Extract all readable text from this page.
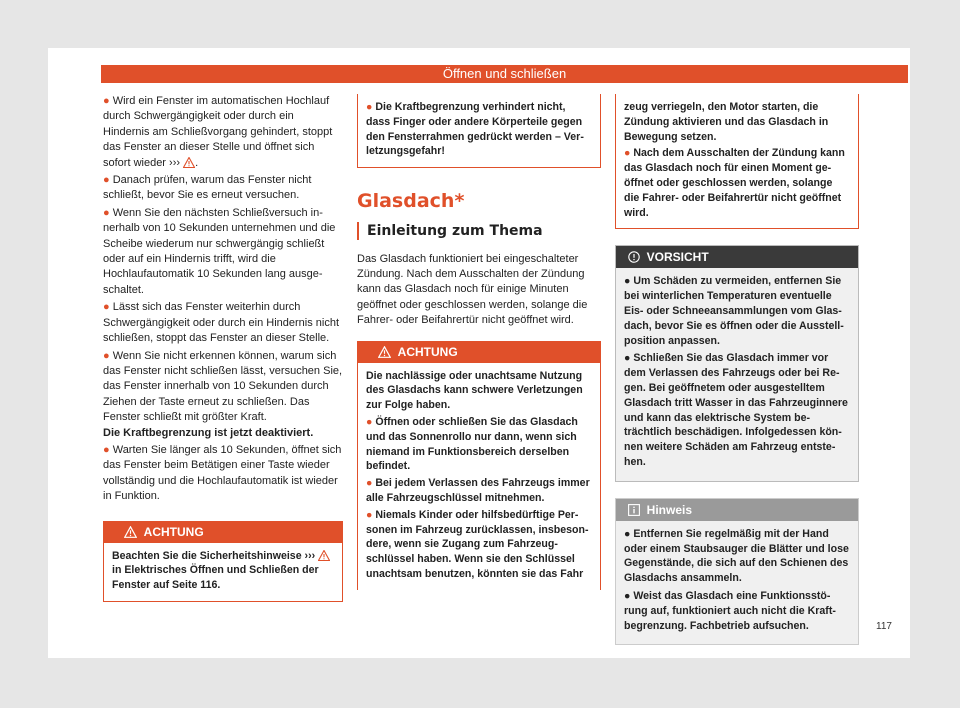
Öffnen und schließen

● Wird ein Fenster im automatischen Hochlauf durch Schwergängigkeit oder durch ein Hindernis am Schließvorgang gehindert, stoppt das Fenster an dieser Stelle und öffnet sich sofort wieder ››› .

● Danach prüfen, warum das Fenster nicht schließt, bevor Sie es erneut versuchen.

● Wenn Sie den nächsten Schließversuch innerhalb von 10 Sekunden unternehmen und die Scheibe wiederum nur schwergängig schließt oder auf ein Hindernis trifft, wird die Hochlaufautomatik 10 Sekunden lang ausgeschaltet.

● Lässt sich das Fenster weiterhin durch Schwergängigkeit oder durch ein Hindernis nicht schließen, stoppt das Fenster an dieser Stelle.

● Wenn Sie nicht erkennen können, warum sich das Fenster nicht schließen lässt, versuchen Sie, das Fenster innerhalb von 10 Sekunden durch Ziehen der Taste erneut zu schließen. Das Fenster schließt mit größter Kraft.
Die Kraftbegrenzung ist jetzt deaktiviert.

● Warten Sie länger als 10 Sekunden, öffnet sich das Fenster beim Betätigen einer Taste wieder vollständig und die Hochlaufautomatik ist wieder in Funktion.

ACHTUNG

Beachten Sie die Sicherheitshinweise ›››  in Elektrisches Öffnen und Schließen der Fenster auf Seite 116.

● Die Kraftbegrenzung verhindert nicht, dass Finger oder andere Körperteile gegen den Fensterrahmen gedrückt werden – Verletzungsgefahr!

Glasdach*
Einleitung zum Thema

Das Glasdach funktioniert bei eingeschalteter Zündung. Nach dem Ausschalten der Zündung kann das Glasdach noch für einige Minuten geöffnet oder geschlossen werden, solange die Fahrer- oder Beifahrertür nicht geöffnet wird.

ACHTUNG

Die nachlässige oder unachtsame Nutzung des Glasdachs kann schwere Verletzungen zur Folge haben.

● Öffnen oder schließen Sie das Glasdach und das Sonnenrollo nur dann, wenn sich niemand im Funktionsbereich derselben befindet.

● Bei jedem Verlassen des Fahrzeugs immer alle Fahrzeugschlüssel mitnehmen.

● Niemals Kinder oder hilfsbedürftige Personen im Fahrzeug zurücklassen, insbesondere, wenn sie Zugang zum Fahrzeugschlüssel haben. Wenn sie den Schlüssel unachtsam benutzen, könnten sie das Fahr

zeug verriegeln, den Motor starten, die Zündung aktivieren und das Glasdach in Bewegung setzen.

● Nach dem Ausschalten der Zündung kann das Glasdach noch für einen Moment geöffnet oder geschlossen werden, solange die Fahrer- oder Beifahrertür nicht geöffnet wird.

VORSICHT

● Um Schäden zu vermeiden, entfernen Sie bei winterlichen Temperaturen eventuelle Eis- oder Schneeansammlungen vom Glasdach, bevor Sie es öffnen oder die Ausstellposition anpassen.

● Schließen Sie das Glasdach immer vor dem Verlassen des Fahrzeugs oder bei Regen. Bei geöffnetem oder ausgestelltem Glasdach tritt Wasser in das Fahrzeuginnere und kann das elektrische System beträchtlich beschädigen. Infolgedessen können weitere Schäden am Fahrzeug entstehen.

Hinweis

● Entfernen Sie regelmäßig mit der Hand oder einem Staubsauger die Blätter und lose Gegenstände, die sich auf den Schienen des Glasdachs ansammeln.

● Weist das Glasdach eine Funktionsstörung auf, funktioniert auch nicht die Kraftbegrenzung. Fachbetrieb aufsuchen.	117
